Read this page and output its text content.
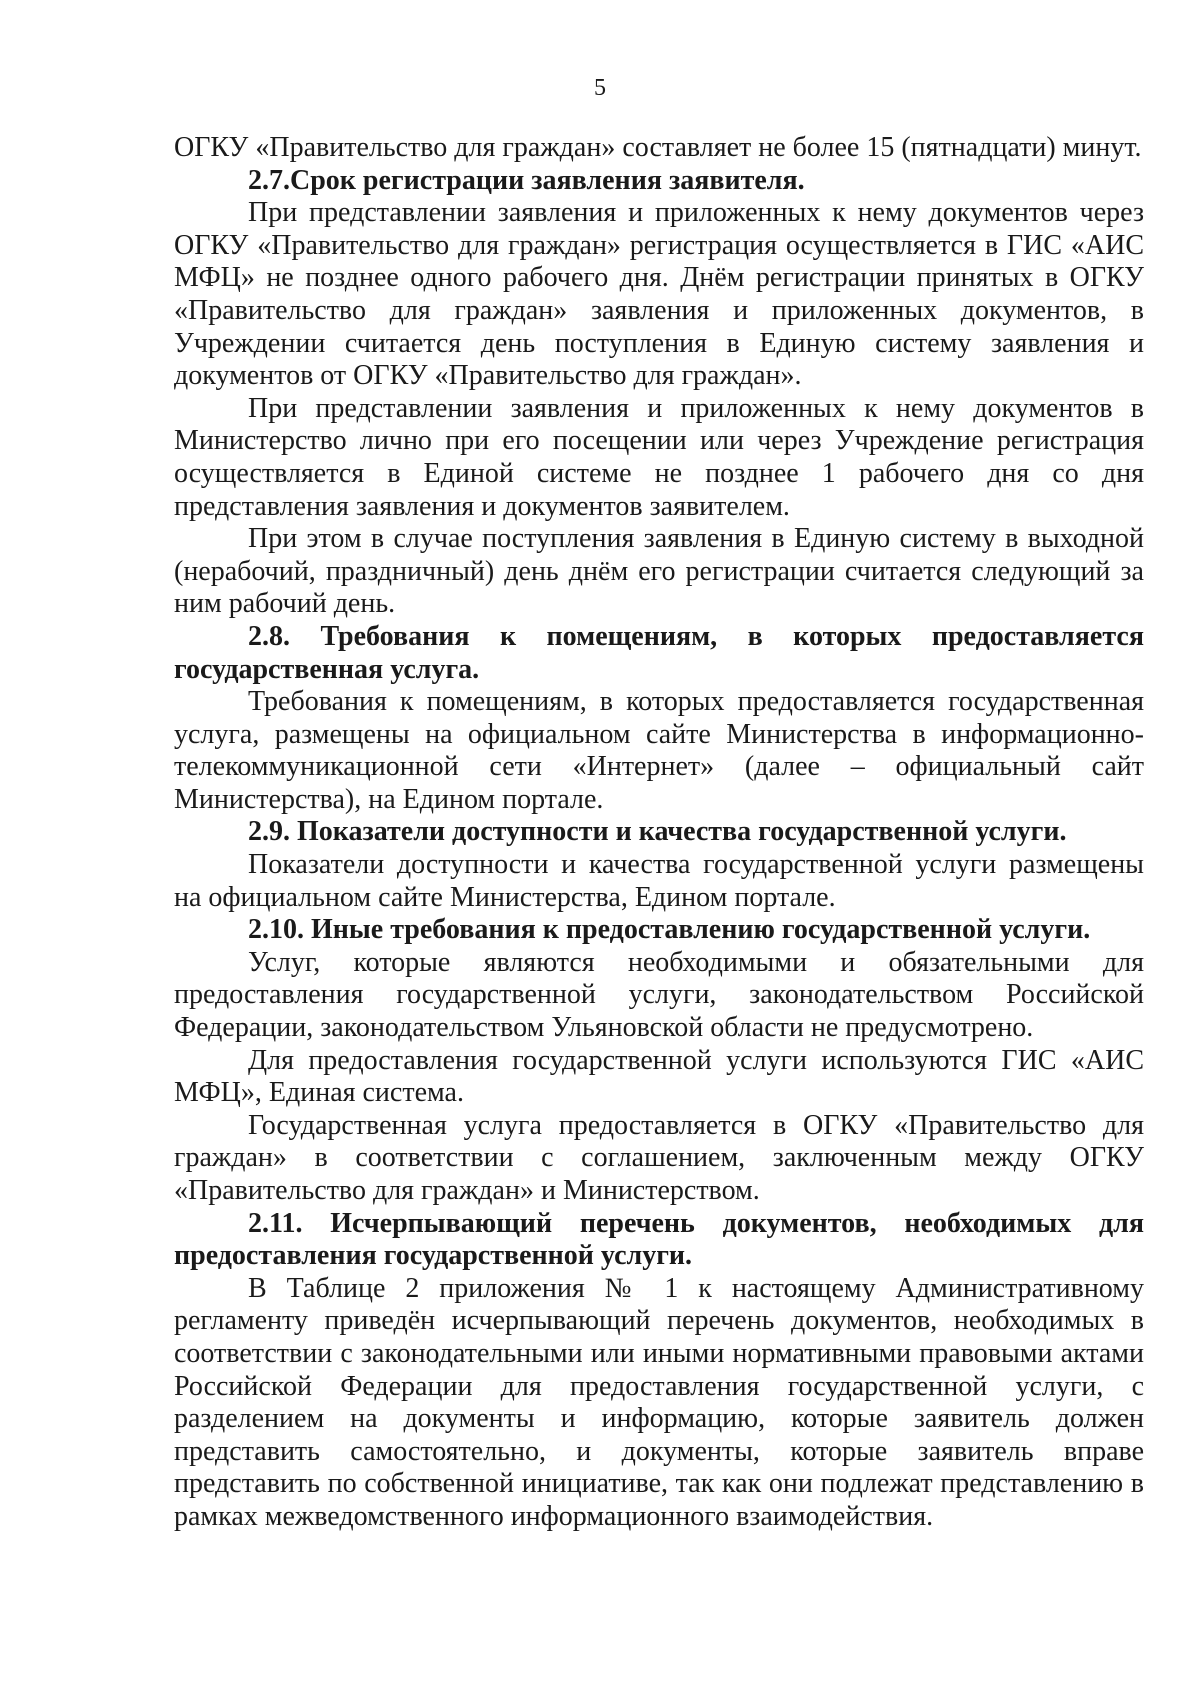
5

ОГКУ «Правительство для граждан» составляет не более 15 (пятнадцати) минут.

2.7.Срок регистрации заявления заявителя.

При представлении заявления и приложенных к нему документов через ОГКУ «Правительство для граждан» регистрация осуществляется в ГИС «АИС МФЦ» не позднее одного рабочего дня. Днём регистрации принятых в ОГКУ «Правительство для граждан» заявления и приложенных документов, в Учреждении считается день поступления в Единую систему заявления и документов от ОГКУ «Правительство для граждан».

При представлении заявления и приложенных к нему документов в Министерство лично при его посещении или через Учреждение регистрация осуществляется в Единой системе не позднее 1 рабочего дня со дня представления заявления и документов заявителем.

При этом в случае поступления заявления в Единую систему в выходной (нерабочий, праздничный) день днём его регистрации считается следующий за ним рабочий день.

2.8. Требования к помещениям, в которых предоставляется государственная услуга.

Требования к помещениям, в которых предоставляется государственная услуга, размещены на официальном сайте Министерства в информационно-телекоммуникационной сети «Интернет» (далее – официальный сайт Министерства), на Едином портале.

2.9. Показатели доступности и качества государственной услуги.

Показатели доступности и качества государственной услуги размещены на официальном сайте Министерства, Едином портале.

2.10. Иные требования к предоставлению государственной услуги.

Услуг, которые являются необходимыми и обязательными для предоставления государственной услуги, законодательством Российской Федерации, законодательством Ульяновской области не предусмотрено.

Для предоставления государственной услуги используются ГИС «АИС МФЦ», Единая система.

Государственная услуга предоставляется в ОГКУ «Правительство для граждан» в соответствии с соглашением, заключенным между ОГКУ «Правительство для граждан» и Министерством.

2.11. Исчерпывающий перечень документов, необходимых для предоставления государственной услуги.

В Таблице 2 приложения № 1 к настоящему Административному регламенту приведён исчерпывающий перечень документов, необходимых в соответствии с законодательными или иными нормативными правовыми актами Российской Федерации для предоставления государственной услуги, с разделением на документы и информацию, которые заявитель должен представить самостоятельно, и документы, которые заявитель вправе представить по собственной инициативе, так как они подлежат представлению в рамках межведомственного информационного взаимодействия.
